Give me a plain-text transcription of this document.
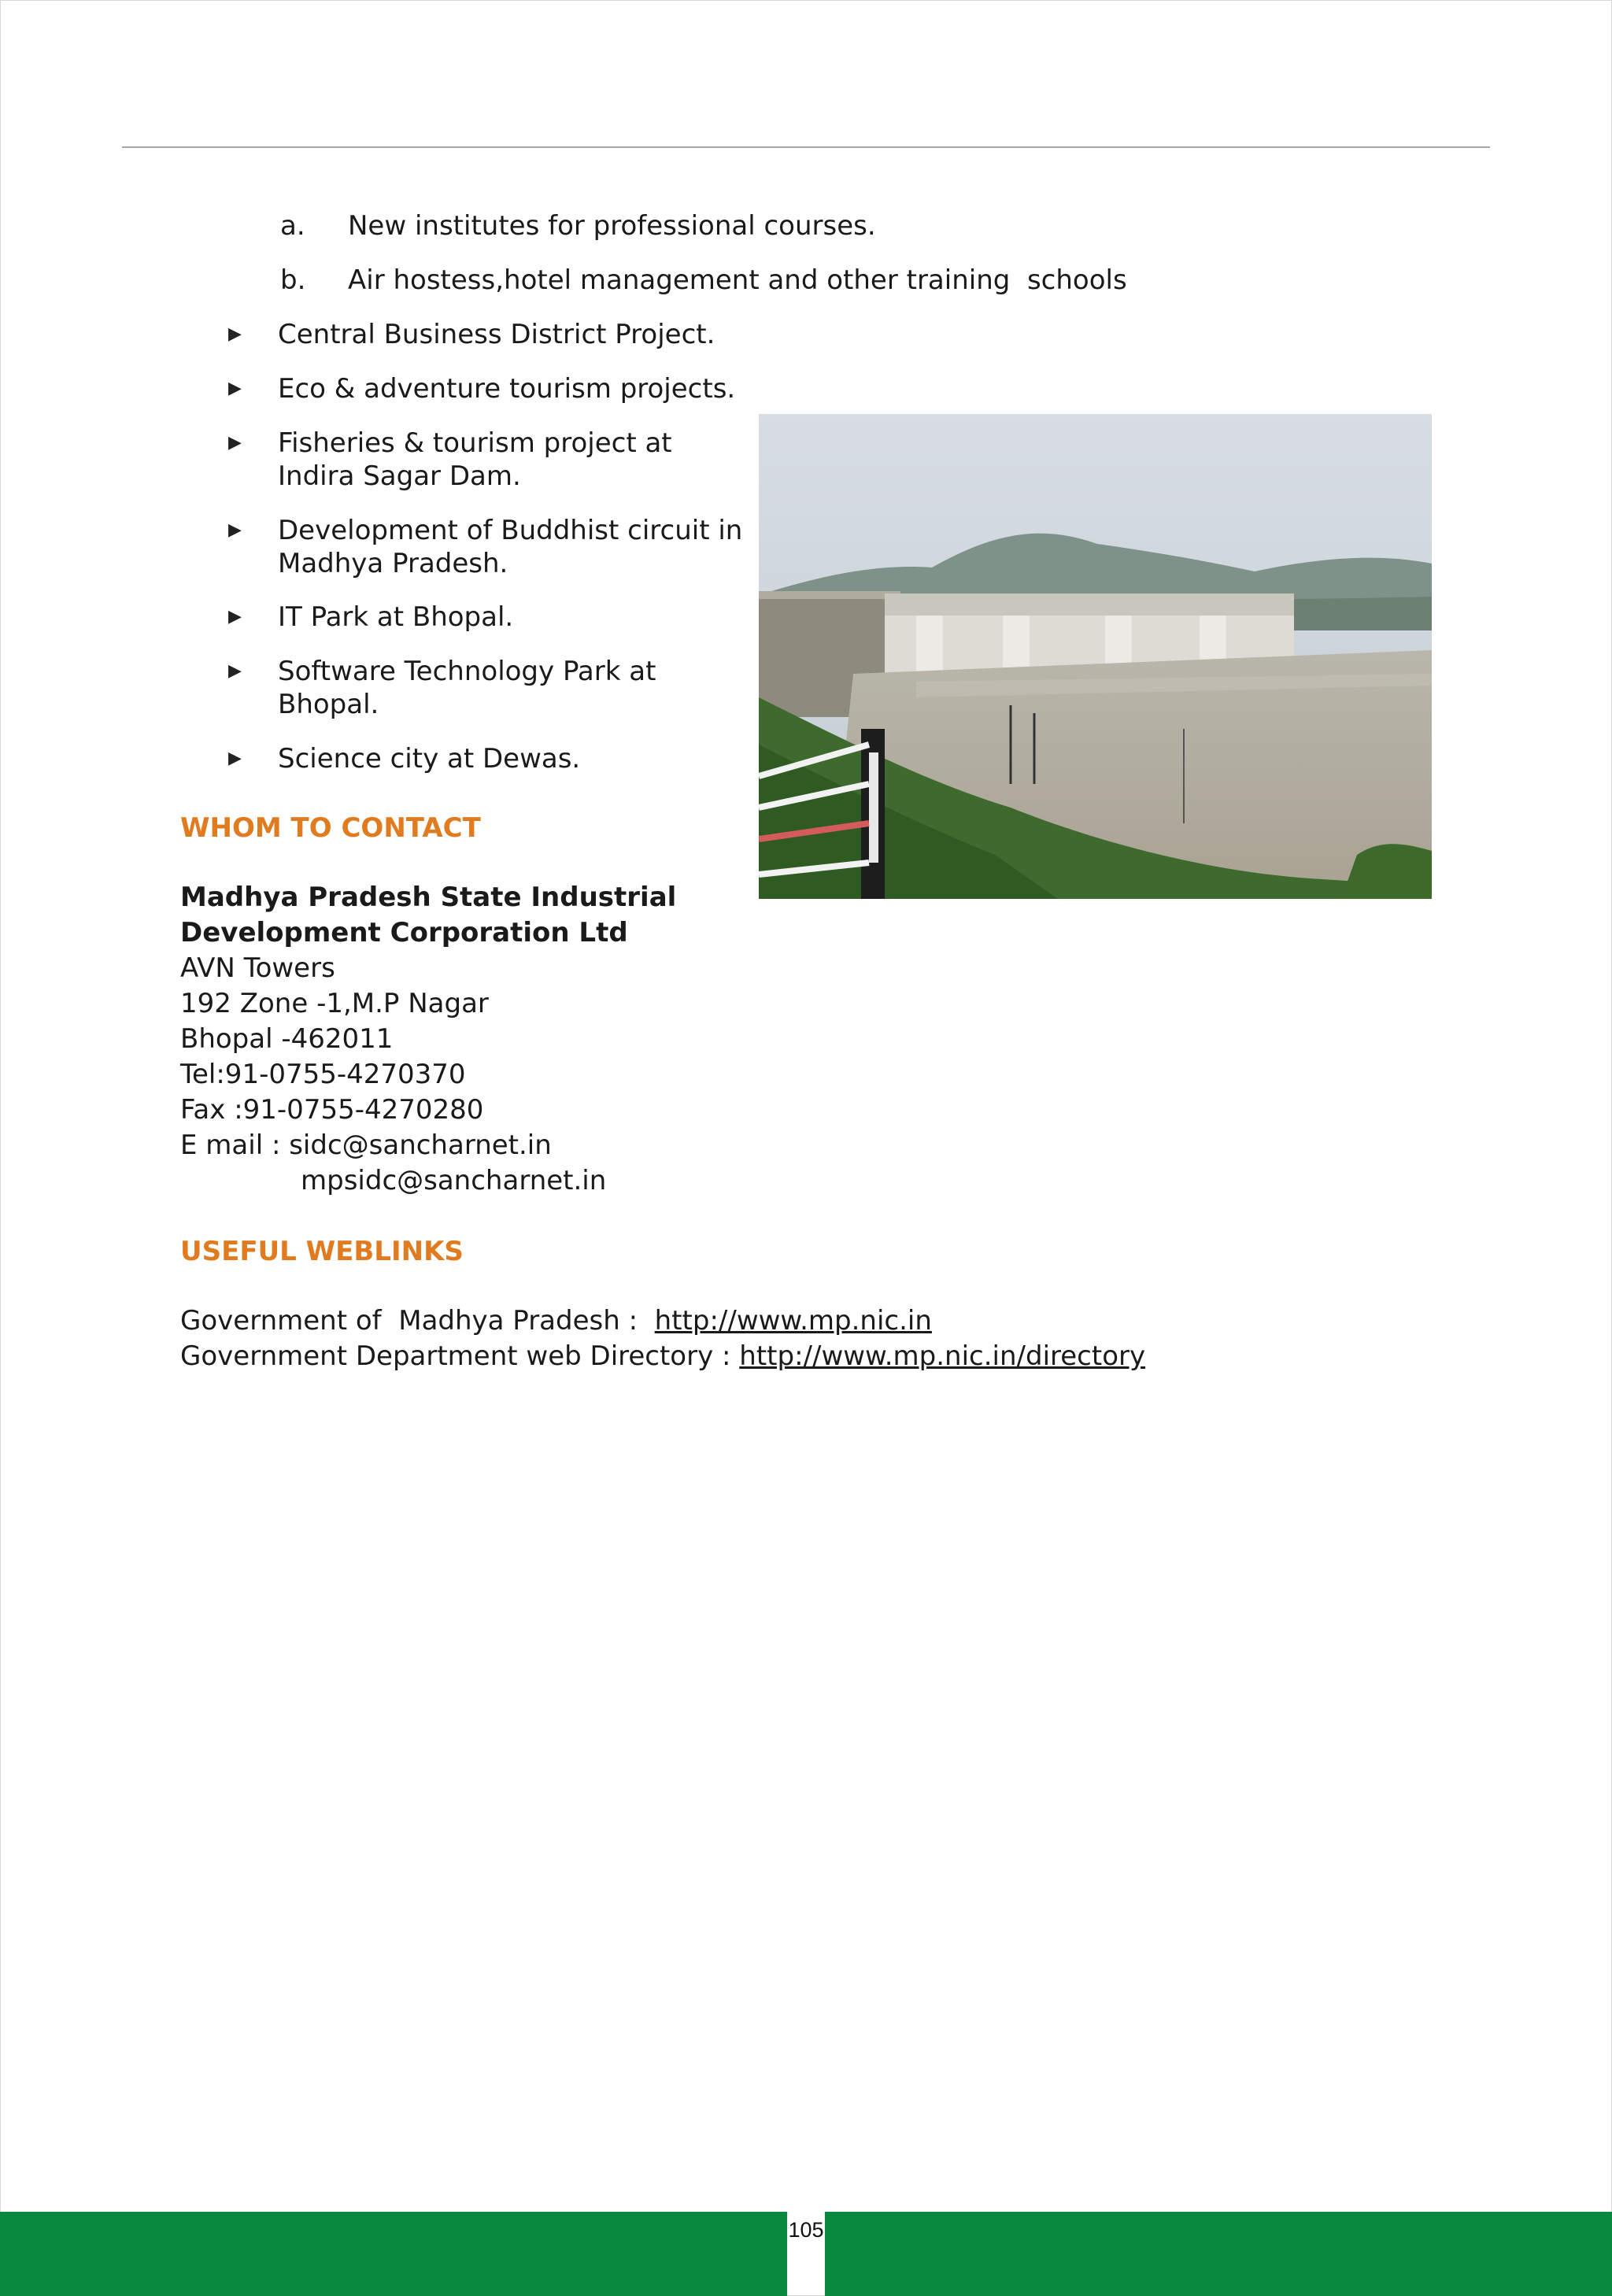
a. New institutes for professional courses.
b. Air hostess,hotel management and other training  schools
▶ Central Business District Project.
▶ Eco & adventure tourism projects.
▶ Fisheries & tourism project at
Indira Sagar Dam.
▶ Development of Buddhist circuit in
Madhya Pradesh.
▶ IT Park at Bhopal.
▶ Software Technology Park at
Bhopal.
▶ Science city at Dewas.
WHOM TO CONTACT
Madhya Pradesh State Industrial
Development Corporation Ltd
AVN Towers
192 Zone -1,M.P Nagar
Bhopal -462011
Tel:91-0755-4270370
Fax :91-0755-4270280
E mail : sidc@sancharnet.in
mpsidc@sancharnet.in
USEFUL WEBLINKS
Government of  Madhya Pradesh :  http://www.mp.nic.in
Government Department web Directory : http://www.mp.nic.in/directory
105
